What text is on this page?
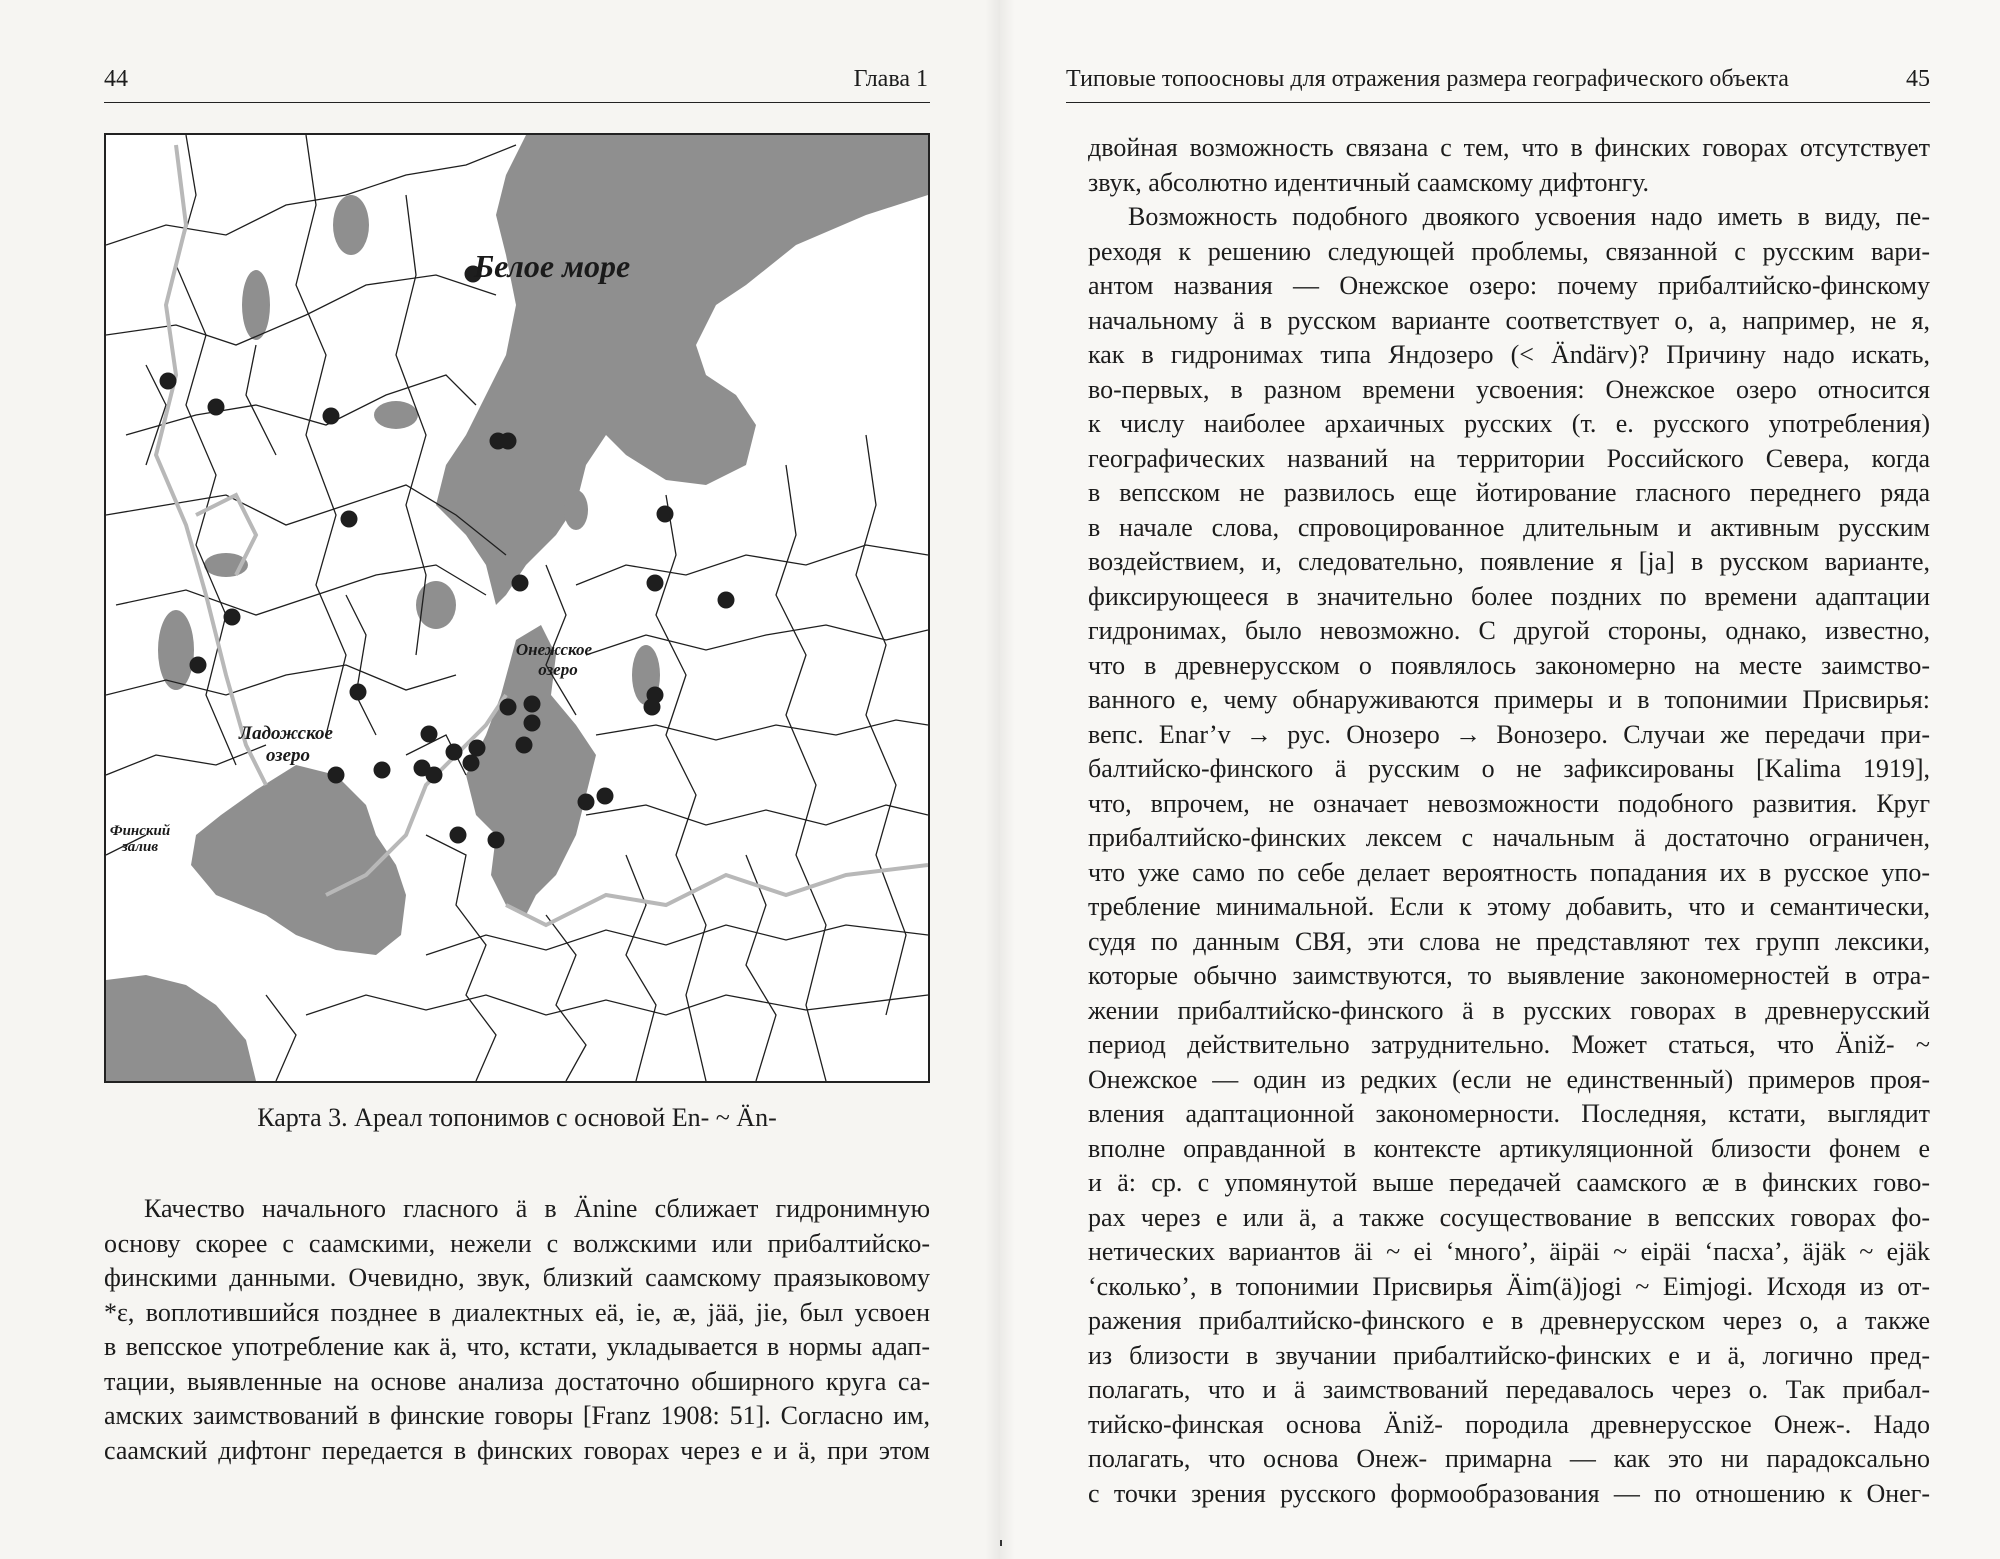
44	Глава 1
Белое море
Онежское
озеро
Ладожское
озеро
Финский
залив
Карта 3. Ареал топонимов с основой En- ~ Än-

Качество начального гласного ä в Änine сближает гидронимную

основу скорее с саамскими, нежели с волжскими или прибалтийско-

финскими данными. Очевидно, звук, близкий саамскому праязыковому

*ɛ, воплотившийся позднее в диалектных eä, ie, æ, jää, jie, был усвоен

в вепсское употребление как ä, что, кстати, укладывается в нормы адап-

тации, выявленные на основе анализа достаточно обширного круга са-

амских заимствований в финские говоры [Franz 1908: 51]. Согласно им,

саамский дифтонг передается в финских говорах через e и ä, при этом

Типовые топоосновы для отражения размера географического объекта	45

двойная возможность связана с тем, что в финских говорах отсутствует

звук, абсолютно идентичный саамскому дифтонгу.

Возможность подобного двоякого усвоения надо иметь в виду, пе-

реходя к решению следующей проблемы, связанной с русским вари-

антом названия — Онежское озеро: почему прибалтийско-финскому

начальному ä в русском варианте соответствует о, а, например, не я,

как в гидронимах типа Яндозеро (< Ändärv)? Причину надо искать,

во-первых, в разном времени усвоения: Онежское озеро относится

к числу наиболее архаичных русских (т. е. русского употребления)

географических названий на территории Российского Севера, когда

в вепсском не развилось еще йотирование гласного переднего ряда

в начале слова, спровоцированное длительным и активным русским

воздействием, и, следовательно, появление я [ja] в русском варианте,

фиксирующееся в значительно более поздних по времени адаптации

гидронимах, было невозможно. С другой стороны, однако, известно,

что в древнерусском о появлялось закономерно на месте заимство-

ванного е, чему обнаруживаются примеры и в топонимии Присвирья:

вепс. Enar’v → рус. Онозеро → Вонозеро. Случаи же передачи при-

балтийско-финского ä русским о не зафиксированы [Kalima 1919],

что, впрочем, не означает невозможности подобного развития. Круг

прибалтийско-финских лексем с начальным ä достаточно ограничен,

что уже само по себе делает вероятность попадания их в русское упо-

требление минимальной. Если к этому добавить, что и семантически,

судя по данным СВЯ, эти слова не представляют тех групп лексики,

которые обычно заимствуются, то выявление закономерностей в отра-

жении прибалтийско-финского ä в русских говорах в древнерусский

период действительно затруднительно. Может статься, что Äniž- ~

Онежское — один из редких (если не единственный) примеров проя-

вления адаптационной закономерности. Последняя, кстати, выглядит

вполне оправданной в контексте артикуляционной близости фонем е

и ä: ср. с упомянутой выше передачей саамского æ в финских гово-

рах через е или ä, а также сосуществование в вепсских говорах фо-

нетических вариантов äi ~ ei ‘много’, äipäi ~ eipäi ‘пасха’, äjäk ~ ejäk

‘сколько’, в топонимии Присвирья Äim(ä)jogi ~ Eimjogi. Исходя из от-

ражения прибалтийско-финского е в древнерусском через о, а также

из близости в звучании прибалтийско-финских е и ä, логично пред-

полагать, что и ä заимствований передавалось через о. Так прибал-

тийско-финская основа Äniž- породила древнерусское Онеж-. Надо

полагать, что основа Онеж- примарна — как это ни парадоксально

с точки зрения русского формообразования — по отношению к Онег-
